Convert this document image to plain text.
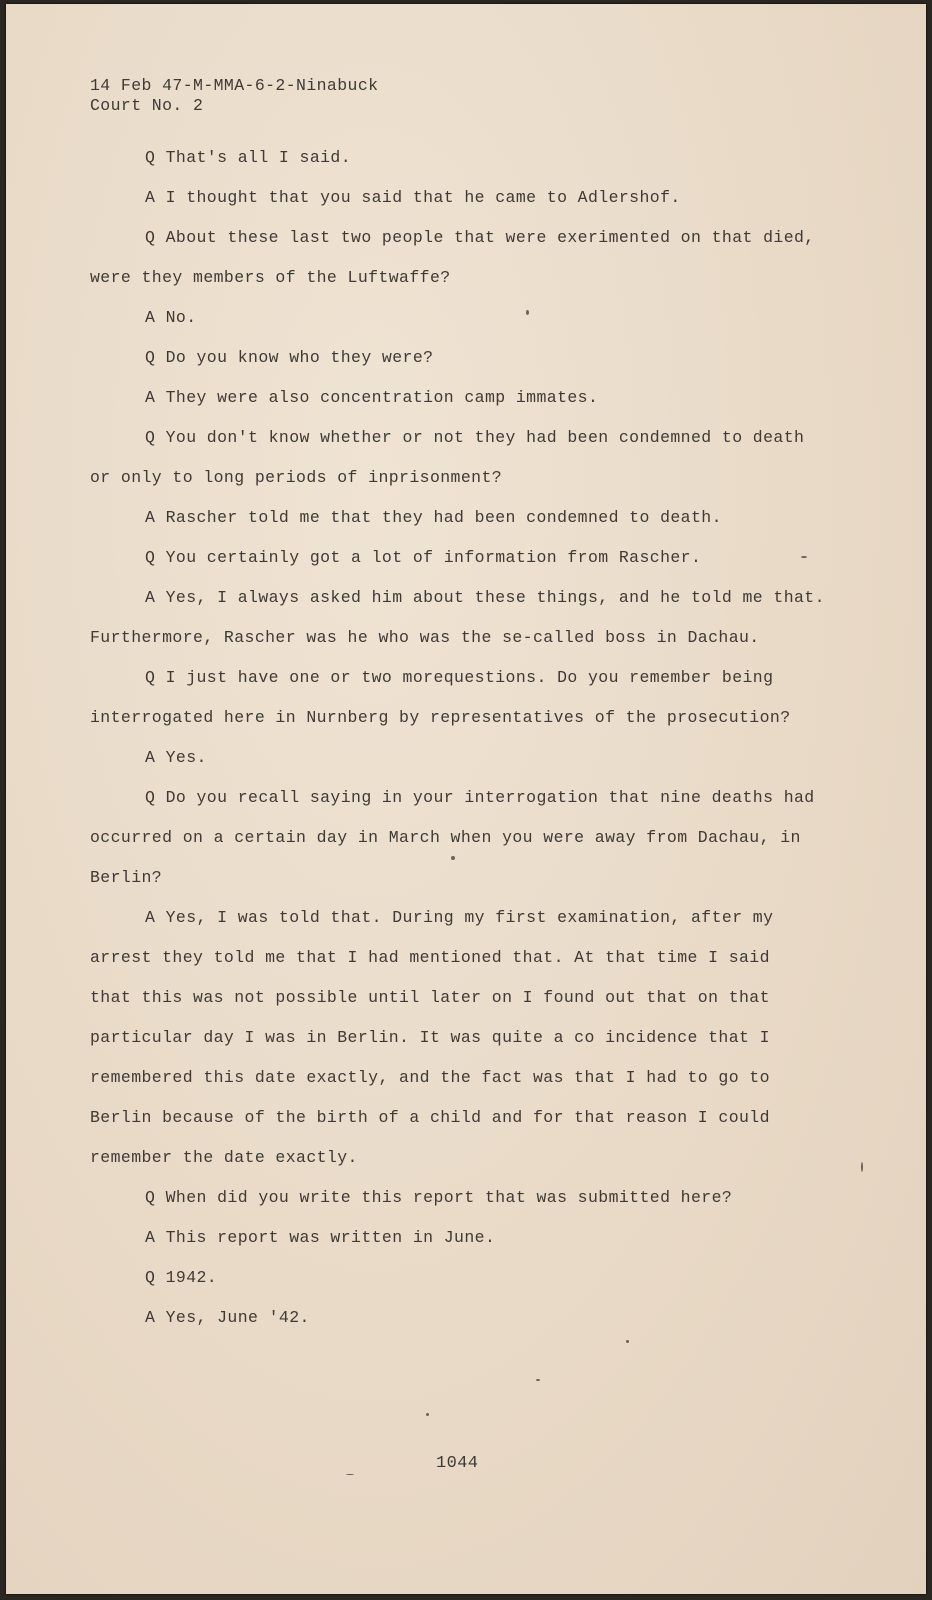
14 Feb 47-M-MMA-6-2-Ninabuck
Court No. 2
Q That's all I said.
A I thought that you said that he came to Adlershof.
Q About these last two people that were exerimented on that died,
were they members of the Luftwaffe?
A No.
Q Do you know who they were?
A They were also concentration camp immates.
Q You don't know whether or not they had been condemned to death
or only to long periods of inprisonment?
A Rascher told me that they had been condemned to death.
Q You certainly got a lot of information from Rascher.
A Yes, I always asked him about these things, and he told me that.
Furthermore, Rascher was he who was the se-called boss in Dachau.
Q I just have one or two morequestions. Do you remember being
interrogated here in Nurnberg by representatives of the prosecution?
A Yes.
Q Do you recall saying in your interrogation that nine deaths had
occurred on a certain day in March when you were away from Dachau, in
Berlin?
A Yes, I was told that. During my first examination, after my
arrest they told me that I had mentioned that. At that time I said
that this was not possible until later on I found out that on that
particular day I was in Berlin. It was quite a co incidence that I
remembered this date exactly, and the fact was that I had to go to
Berlin because of the birth of a child and for that reason I could
remember the date exactly.
Q When did you write this report that was submitted here?
A This report was written in June.
Q 1942.
A Yes, June '42.
1044
